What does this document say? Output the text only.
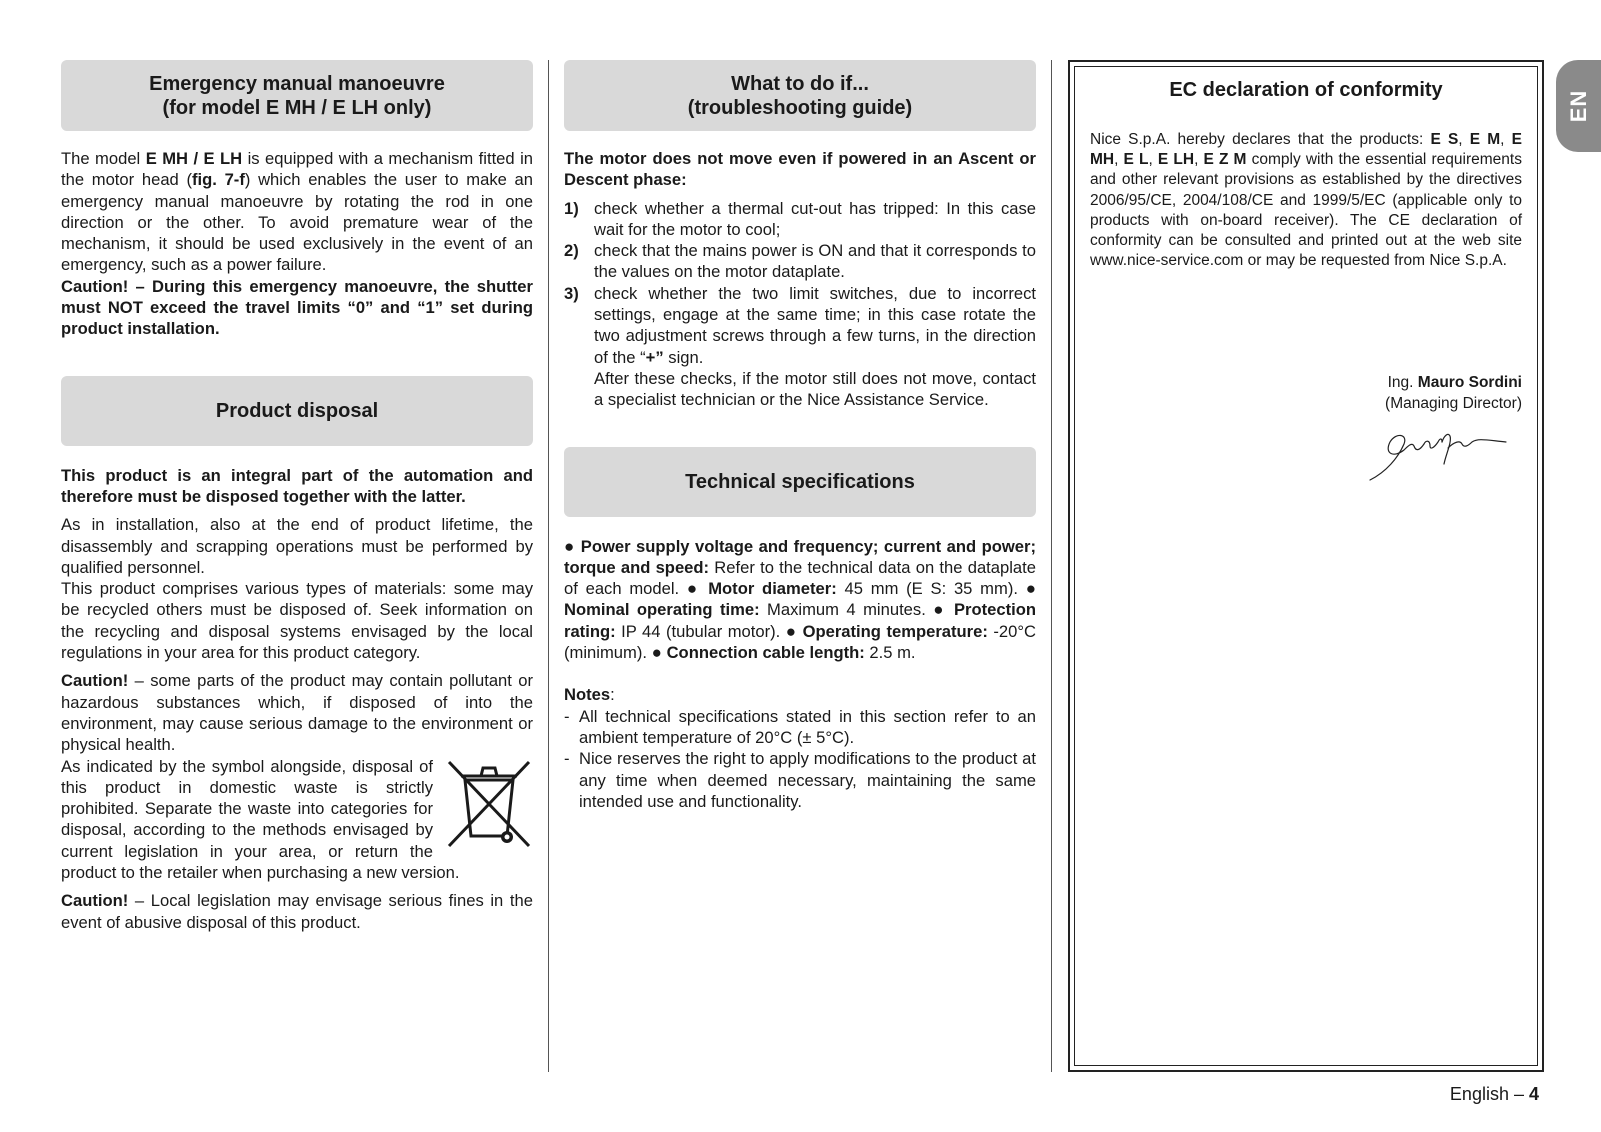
Emergency manual manoeuvre
(for model E MH / E LH only)

The model E MH / E LH is equipped with a mechanism fitted in the motor head (fig. 7-f) which enables the user to make an emergency manual manoeuvre by rotating the rod in one direction or the other. To avoid premature wear of the mechanism, it should be used exclusively in the event of an emergency, such as a power failure.

Caution! – During this emergency manoeuvre, the shutter must NOT exceed the travel limits “0” and “1” set during product installation.

Product disposal

This product is an integral part of the automation and therefore must be disposed together with the latter.

As in installation, also at the end of product lifetime, the disassembly and scrapping operations must be performed by qualified personnel.

This product comprises various types of materials: some may be recycled others must be disposed of. Seek information on the recycling and disposal systems envisaged by the local regulations in your area for this product category.

Caution! – some parts of the product may contain pollutant or hazardous substances which, if disposed of into the environment, may cause serious damage to the environment or physical health.

As indicated by the symbol alongside, disposal of this product in domestic waste is strictly prohibited. Separate the waste into categories for disposal, according to the methods envisaged by current legislation in your area, or return the product to the retailer when purchasing a new version.

Caution! – Local legislation may envisage serious fines in the event of abusive disposal of this product.

What to do if...
(troubleshooting guide)

The motor does not move even if powered in an Ascent or Descent phase:

1) check whether a thermal cut-out has tripped: In this case wait for the motor to cool;
2) check that the mains power is ON and that it corresponds to the values on the motor dataplate.
3) check whether the two limit switches, due to incorrect settings, engage at the same time; in this case rotate the two adjustment screws through a few turns, in the direction of the “+” sign.

After these checks, if the motor still does not move, contact a specialist technician or the Nice Assistance Service.

Technical specifications

● Power supply voltage and frequency; current and power; torque and speed: Refer to the technical data on the dataplate of each model. ● Motor diameter: 45 mm (E S: 35 mm). ● Nominal operating time: Maximum 4 minutes. ● Protection rating: IP 44 (tubular motor). ● Operating temperature: -20°C (minimum). ● Connection cable length: 2.5 m.

Notes:

- All technical specifications stated in this section refer to an ambient temperature of 20°C (± 5°C).
- Nice reserves the right to apply modifications to the product at any time when deemed necessary, maintaining the same intended use and functionality.
EC declaration of conformity
Nice S.p.A. hereby declares that the products: E S, E M, E MH, E L, E LH, E Z M comply with the essential requirements and other relevant provisions as established by the directives 2006/95/CE, 2004/108/CE and 1999/5/EC (applicable only to products with on-board receiver). The CE declaration of conformity can be consulted and printed out at the web site www.nice-service.com or may be requested from Nice S.p.A.
Ing. Mauro Sordini
(Managing Director)
EN
English – 4
